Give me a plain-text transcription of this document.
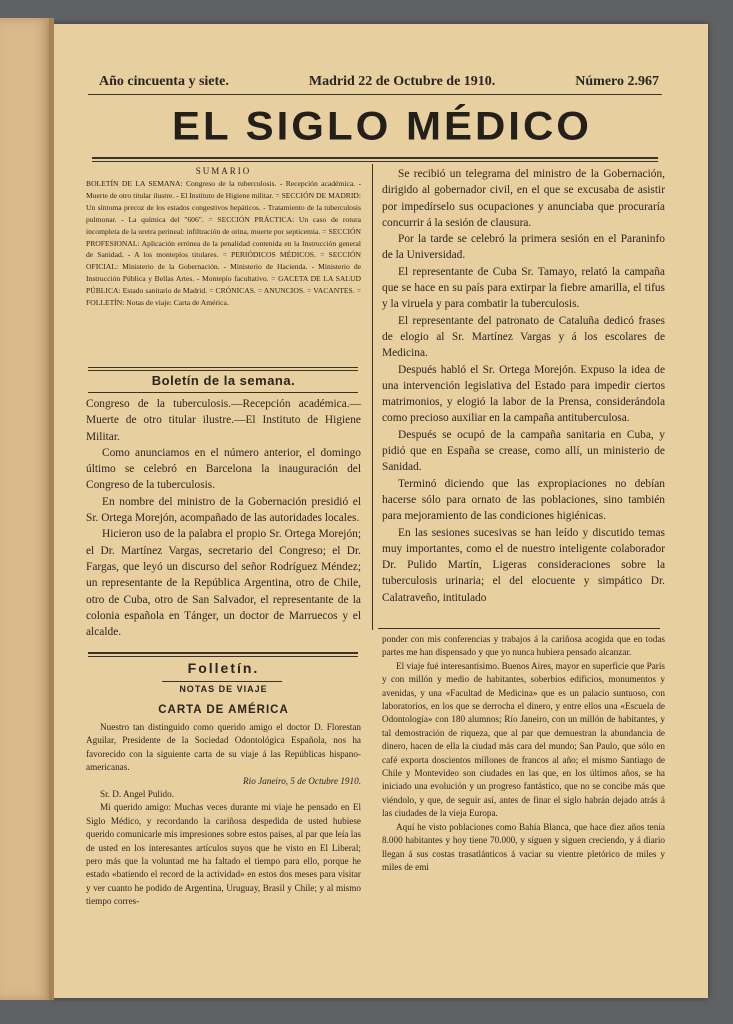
Año cincuenta y siete.	Madrid 22 de Octubre de 1910.	Número 2.967
EL SIGLO MÉDICO
SUMARIO
BOLETÍN DE LA SEMANA: Congreso de la tuberculosis. - Recepción académica. - Muerte de otro titular ilustre. - El Instituto de Higiene militar. = SECCIÓN DE MADRID: Un síntoma precoz de los estados congestivos hepáticos. - Tratamiento de la tuberculosis pulmonar. - La química del "606". = SECCIÓN PRÁCTICA: Un caso de rotura incompleta de la uretra perineal: infiltración de orina, muerte por septicemia. = SECCIÓN PROFESIONAL: Aplicación errónea de la penalidad contenida en la Instrucción general de Sanidad. - A los montepíos titulares. = PERIÓDICOS MÉDICOS. = SECCIÓN OFICIAL: Ministerio de la Gobernación. - Ministerio de Hacienda. - Ministerio de Instrucción Pública y Bellas Artes. - Montepío facultativo. = GACETA DE LA SALUD PÚBLICA: Estado sanitario de Madrid. = CRÓNICAS. = ANUNCIOS. = VACANTES. = FOLLETÍN: Notas de viaje: Carta de América.
Boletín de la semana.

Congreso de la tuberculosis.—Recepción académica.—Muerte de otro titular ilustre.—El Instituto de Higiene Militar.

Como anunciamos en el número anterior, el domingo último se celebró en Barcelona la inauguración del Congreso de la tuberculosis.

En nombre del ministro de la Gobernación presidió el Sr. Ortega Morejón, acompañado de las autoridades locales.

Hicieron uso de la palabra el propio Sr. Ortega Morejón; el Dr. Martínez Vargas, secretario del Congreso; el Dr. Fargas, que leyó un discurso del señor Rodríguez Méndez; un representante de la República Argentina, otro de Chile, otro de Cuba, otro de San Salvador, el representante de la colonia española en Tánger, un doctor de Marruecos y el alcalde.

Se recibió un telegrama del ministro de la Gobernación, dirigido al gobernador civil, en el que se excusaba de asistir por impedírselo sus ocupaciones y anunciaba que procuraría concurrir á la sesión de clausura.

Por la tarde se celebró la primera sesión en el Paraninfo de la Universidad.

El representante de Cuba Sr. Tamayo, relató la campaña que se hace en su país para extirpar la fiebre amarilla, el tifus y la viruela y para combatir la tuberculosis.

El representante del patronato de Cataluña dedicó frases de elogio al Sr. Martínez Vargas y á los escolares de Medicina.

Después habló el Sr. Ortega Morejón. Expuso la idea de una intervención legislativa del Estado para impedir ciertos matrimonios, y elogió la labor de la Prensa, considerándola como precioso auxiliar en la campaña antituberculosa.

Después se ocupó de la campaña sanitaria en Cuba, y pidió que en España se crease, como allí, un ministerio de Sanidad.

Terminó diciendo que las expropiaciones no debían hacerse sólo para ornato de las poblaciones, sino también para mejoramiento de las condiciones higiénicas.

En las sesiones sucesivas se han leído y discutido temas muy importantes, como el de nuestro inteligente colaborador Dr. Pulido Martín, Ligeras consideraciones sobre la tuberculosis urinaria; el del elocuente y simpático Dr. Calatraveño, intitulado

Folletín.
NOTAS DE VIAJE
CARTA DE AMÉRICA

Nuestro tan distinguido como querido amigo el doctor D. Florestan Aguilar, Presidente de la Sociedad Odontológica Española, nos ha favorecido con la siguiente carta de su viaje á las Repúblicas hispano-americanas.

Rio Janeiro, 5 de Octubre 1910.

Sr. D. Angel Pulido.

Mi querido amigo: Muchas veces durante mi viaje he pensado en El Siglo Médico, y recordando la cariñosa despedida de usted hubiese querido comunicarle mis impresiones sobre estos países, al par que leía las de usted en los interesantes artículos suyos que he visto en El Liberal; pero más que la voluntad me ha faltado el tiempo para ello, porque he estado «batiendo el record de la actividad» en estos dos meses para visitar y ver cuanto he podido de Argentina, Uruguay, Brasil y Chile; y al mismo tiempo corres-

ponder con mis conferencias y trabajos á la cariñosa acogida que en todas partes me han dispensado y que yo nunca hubiera pensado alcanzar.

El viaje fué interesantísimo. Buenos Aires, mayor en superficie que París y con millón y medio de habitantes, soberbios edificios, monumentos y avenidas, y una «Facultad de Medicina» que es un palacio suntuoso, con laboratorios, en los que se derrocha el dinero, y entre ellos una «Escuela de Odontología» con 180 alumnos; Río Janeiro, con un millón de habitantes, y tal demostración de riqueza, que al par que demuestran la abundancia de dinero, hacen de ella la ciudad más cara del mundo; San Paulo, que sólo en café exporta doscientos millones de francos al año; el mismo Santiago de Chile y Montevideo son ciudades en las que, en los últimos años, se ha iniciado una evolución y un progreso fantástico, que no se concibe más que viéndolo, y que, de seguir así, antes de finar el siglo habrán dejado atrás á las ciudades de la vieja Europa.

Aquí he visto poblaciones como Bahía Blanca, que hace diez años tenía 8.000 habitantes y hoy tiene 70.000, y siguen y siguen creciendo, y á diario llegan á sus costas trasatlánticos á vaciar su vientre pletórico de miles y miles de emi
